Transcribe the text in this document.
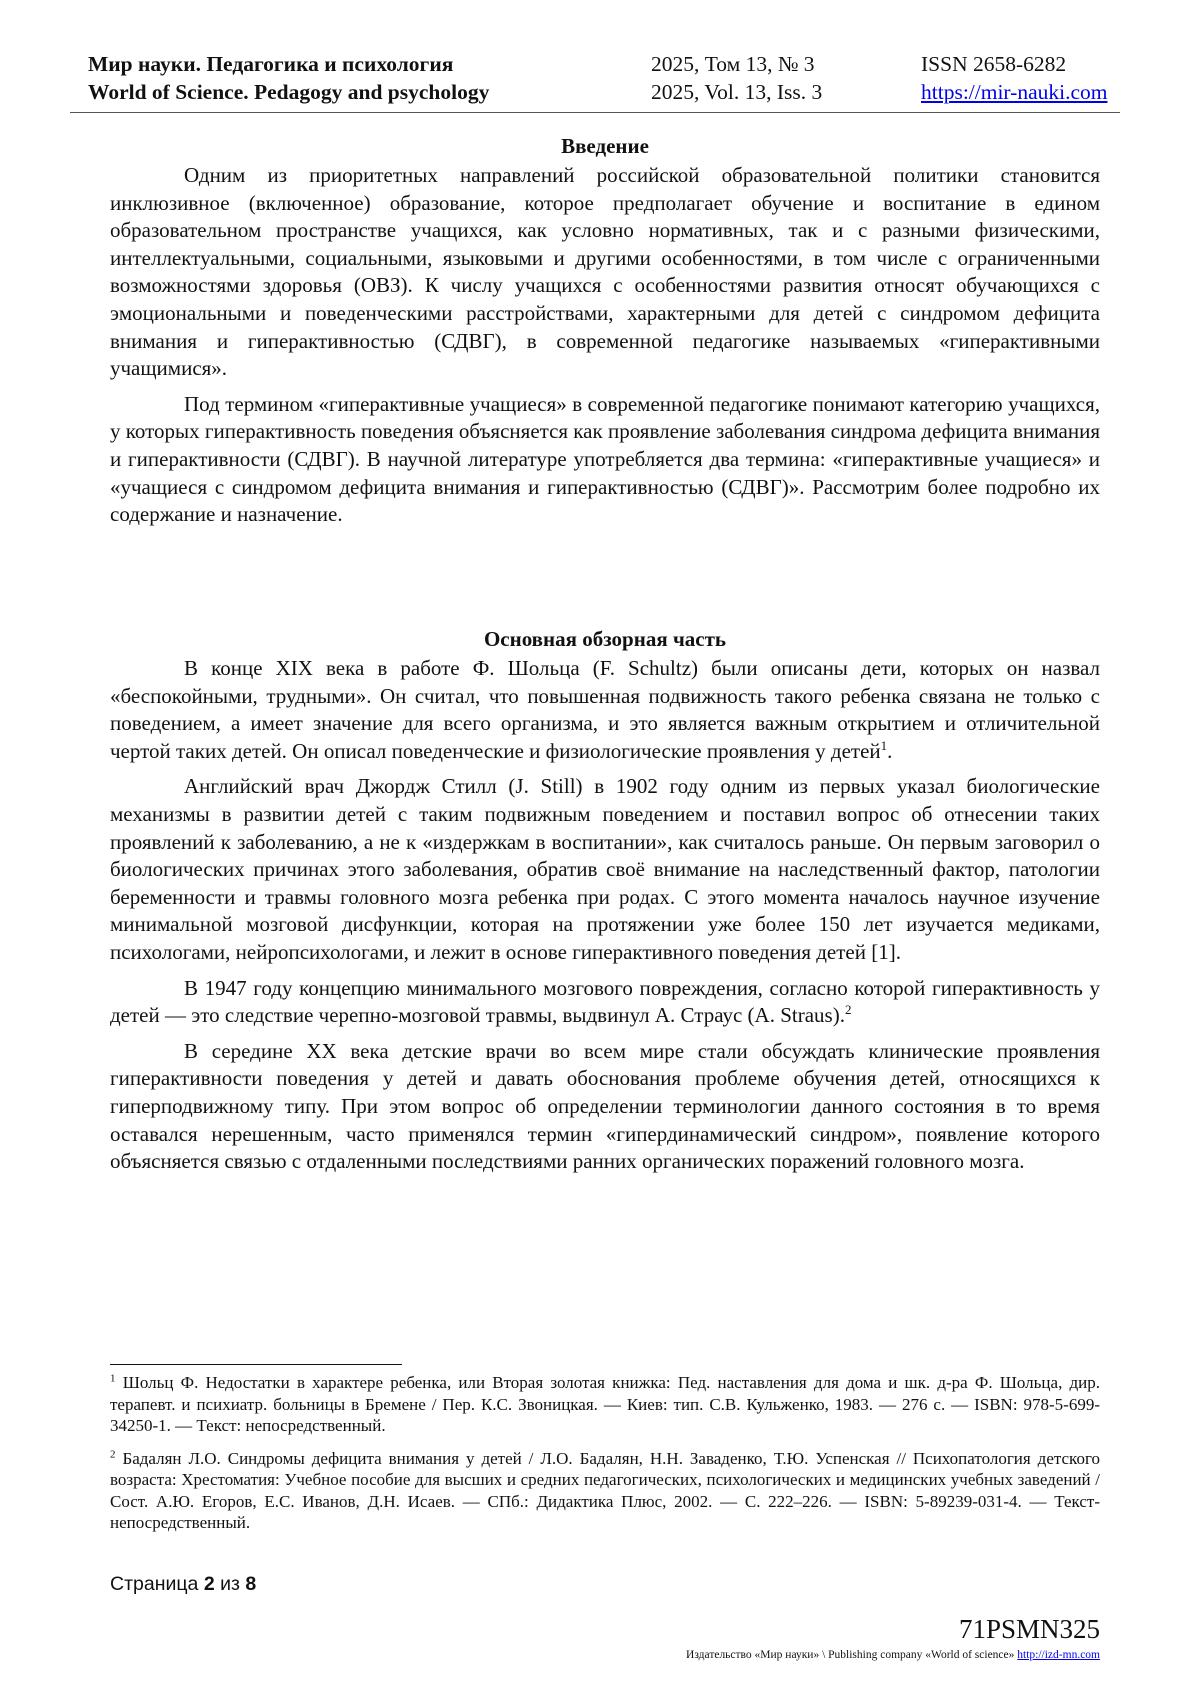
Мир науки. Педагогика и психология	2025, Том 13, № 3	ISSN 2658-6282
World of Science. Pedagogy and psychology	2025, Vol. 13, Iss. 3	https://mir-nauki.com

Введение

Одним из приоритетных направлений российской образовательной политики становится инклюзивное (включенное) образование, которое предполагает обучение и воспитание в едином образовательном пространстве учащихся, как условно нормативных, так и с разными физическими, интеллектуальными, социальными, языковыми и другими особенностями, в том числе с ограниченными возможностями здоровья (ОВЗ). К числу учащихся с особенностями развития относят обучающихся с эмоциональными и поведенческими расстройствами, характерными для детей с синдромом дефицита внимания и гиперактивностью (СДВГ), в современной педагогике называемых «гиперактивными учащимися».

Под термином «гиперактивные учащиеся» в современной педагогике понимают категорию учащихся, у которых гиперактивность поведения объясняется как проявление заболевания синдрома дефицита внимания и гиперактивности (СДВГ). В научной литературе употребляется два термина: «гиперактивные учащиеся» и «учащиеся с синдромом дефицита внимания и гиперактивностью (СДВГ)». Рассмотрим более подробно их содержание и назначение.

Основная обзорная часть

В конце XIX века в работе Ф. Шольца (F. Schultz) были описаны дети, которых он назвал «беспокойными, трудными». Он считал, что повышенная подвижность такого ребенка связана не только с поведением, а имеет значение для всего организма, и это является важным открытием и отличительной чертой таких детей. Он описал поведенческие и физиологические проявления у детей$^1$.

Английский врач Джордж Стилл (J. Still) в 1902 году одним из первых указал биологические механизмы в развитии детей с таким подвижным поведением и поставил вопрос об отнесении таких проявлений к заболеванию, а не к «издержкам в воспитании», как считалось раньше. Он первым заговорил о биологических причинах этого заболевания, обратив своё внимание на наследственный фактор, патологии беременности и травмы головного мозга ребенка при родах. С этого момента началось научное изучение минимальной мозговой дисфункции, которая на протяжении уже более 150 лет изучается медиками, психологами, нейропсихологами, и лежит в основе гиперактивного поведения детей [1].

В 1947 году концепцию минимального мозгового повреждения, согласно которой гиперактивность у детей — это следствие черепно-мозговой травмы, выдвинул А. Страус (A. Straus).$^2$

В середине XX века детские врачи во всем мире стали обсуждать клинические проявления гиперактивности поведения у детей и давать обоснования проблеме обучения детей, относящихся к гиперподвижному типу. При этом вопрос об определении терминологии данного состояния в то время оставался нерешенным, часто применялся термин «гипердинамический синдром», появление которого объясняется связью с отдаленными последствиями ранних органических поражений головного мозга.

$^1$ Шольц Ф. Недостатки в характере ребенка, или Вторая золотая книжка: Пед. наставления для дома и шк. д-ра Ф. Шольца, дир. терапевт. и психиатр. больницы в Бремене / Пер. К.С. Звоницкая. — Киев: тип. С.В. Кульженко, 1983. — 276 с. — ISBN: 978-5-699-34250-1. — Текст: непосредственный.

$^2$ Бадалян Л.О. Синдромы дефицита внимания у детей / Л.О. Бадалян, Н.Н. Заваденко, Т.Ю. Успенская // Психопатология детского возраста: Хрестоматия: Учебное пособие для высших и средних педагогических, психологических и медицинских учебных заведений / Сост. А.Ю. Егоров, Е.С. Иванов, Д.Н. Исаев. — СПб.: Дидактика Плюс, 2002. — С. 222–226. — ISBN: 5-89239-031-4. — Текст- непосредственный.

Страница 2 из 8
71PSMN325
Издательство «Мир науки» \ Publishing company «World of science» http://izd-mn.com
